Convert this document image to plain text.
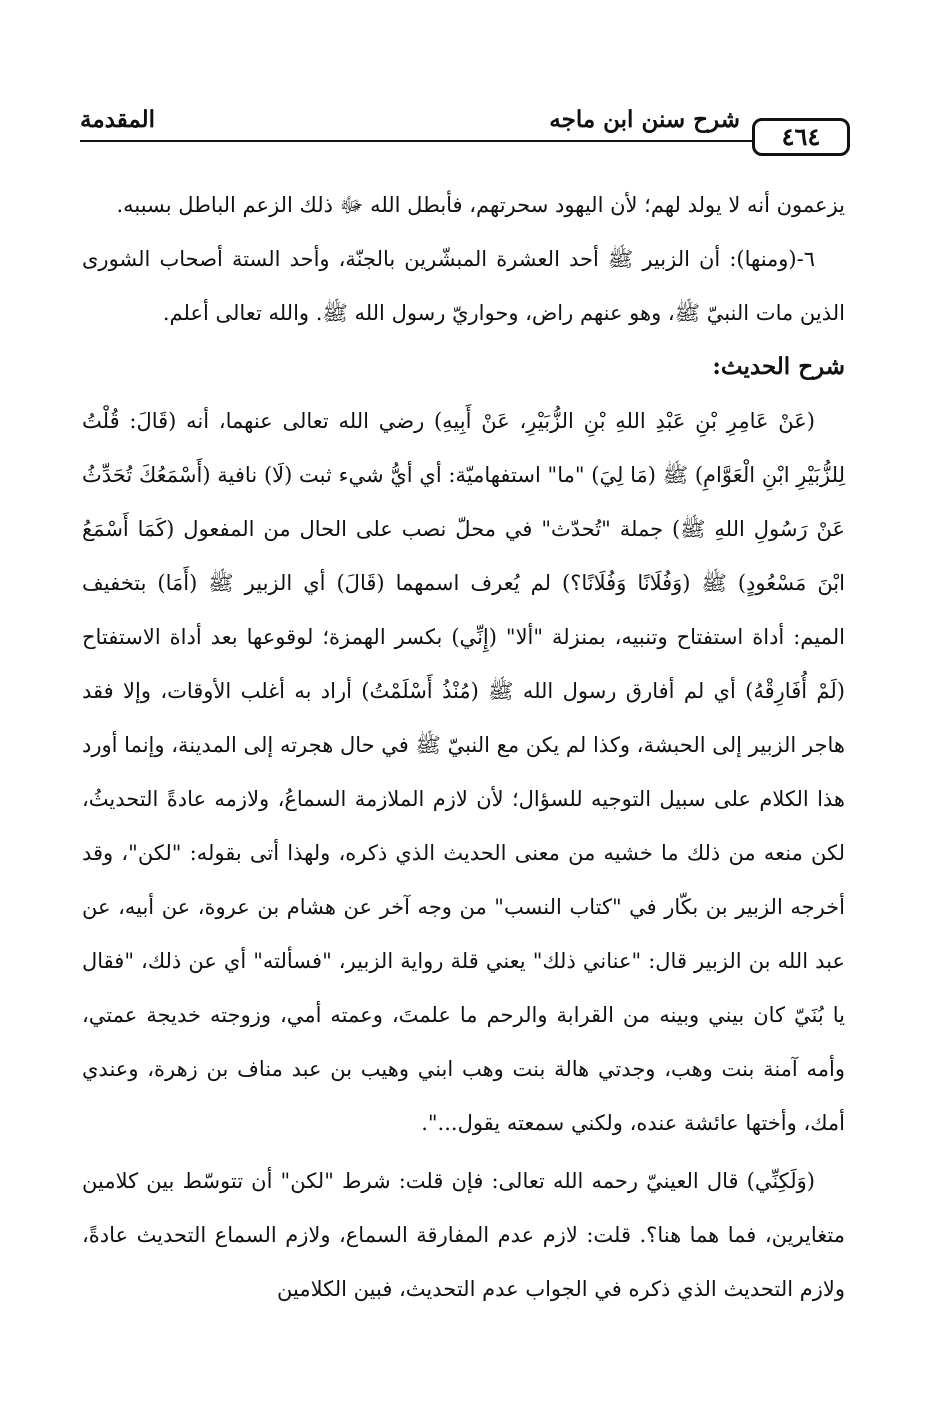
٤٦٤
شرح سنن ابن ماجه
المقدمة

يزعمون أنه لا يولد لهم؛ لأن اليهود سحرتهم، فأبطل الله ﷻ ذلك الزعم الباطل بسببه.

٦-(ومنها): أن الزبير ﷺ أحد العشرة المبشّرين بالجنّة، وأحد الستة أصحاب الشورى الذين مات النبيّ ﷺ، وهو عنهم راض، وحواريّ رسول الله ﷺ. والله تعالى أعلم.

شرح الحديث:

(عَنْ عَامِرِ بْنِ عَبْدِ اللهِ بْنِ الزُّبَيْرِ، عَنْ أَبِيهِ) رضي الله تعالى عنهما، أنه (قَالَ: قُلْتُ لِلزُّبَيْرِ ابْنِ الْعَوَّامِ) ﷺ (مَا لِيَ) "ما" استفهاميّة: أي أيُّ شيء ثبت (لَا) نافية (أَسْمَعُكَ تُحَدِّثُ عَنْ رَسُولِ اللهِ ﷺ) جملة "تُحدّث" في محلّ نصب على الحال من المفعول (كَمَا أَسْمَعُ ابْنَ مَسْعُودٍ) ﷺ (وَفُلَانًا وَفُلَانًا؟) لم يُعرف اسمهما (قَالَ) أي الزبير ﷺ (أَمَا) بتخفيف الميم: أداة استفتاح وتنبيه، بمنزلة "ألا" (إِنِّي) بكسر الهمزة؛ لوقوعها بعد أداة الاستفتاح (لَمْ أُفَارِقْهُ) أي لم أفارق رسول الله ﷺ (مُنْذُ أَسْلَمْتُ) أراد به أغلب الأوقات، وإلا فقد هاجر الزبير إلى الحبشة، وكذا لم يكن مع النبيّ ﷺ في حال هجرته إلى المدينة، وإنما أورد هذا الكلام على سبيل التوجيه للسؤال؛ لأن لازم الملازمة السماعُ، ولازمه عادةً التحديثُ، لكن منعه من ذلك ما خشيه من معنى الحديث الذي ذكره، ولهذا أتى بقوله: "لكن"، وقد أخرجه الزبير بن بكّار في "كتاب النسب" من وجه آخر عن هشام بن عروة، عن أبيه، عن عبد الله بن الزبير قال: "عناني ذلك" يعني قلة رواية الزبير، "فسألته" أي عن ذلك، "فقال يا بُنَيّ كان بيني وبينه من القرابة والرحم ما علمتَ، وعمته أمي، وزوجته خديجة عمتي، وأمه آمنة بنت وهب، وجدتي هالة بنت وهب ابني وهيب بن عبد مناف بن زهرة، وعندي أمك، وأختها عائشة عنده، ولكني سمعته يقول...".

(وَلَكِنِّي) قال العينيّ رحمه الله تعالى: فإن قلت: شرط "لكن" أن تتوسّط بين كلامين متغايرين، فما هما هنا؟. قلت: لازم عدم المفارقة السماع، ولازم السماع التحديث عادةً، ولازم التحديث الذي ذكره في الجواب عدم التحديث، فبين الكلامين
